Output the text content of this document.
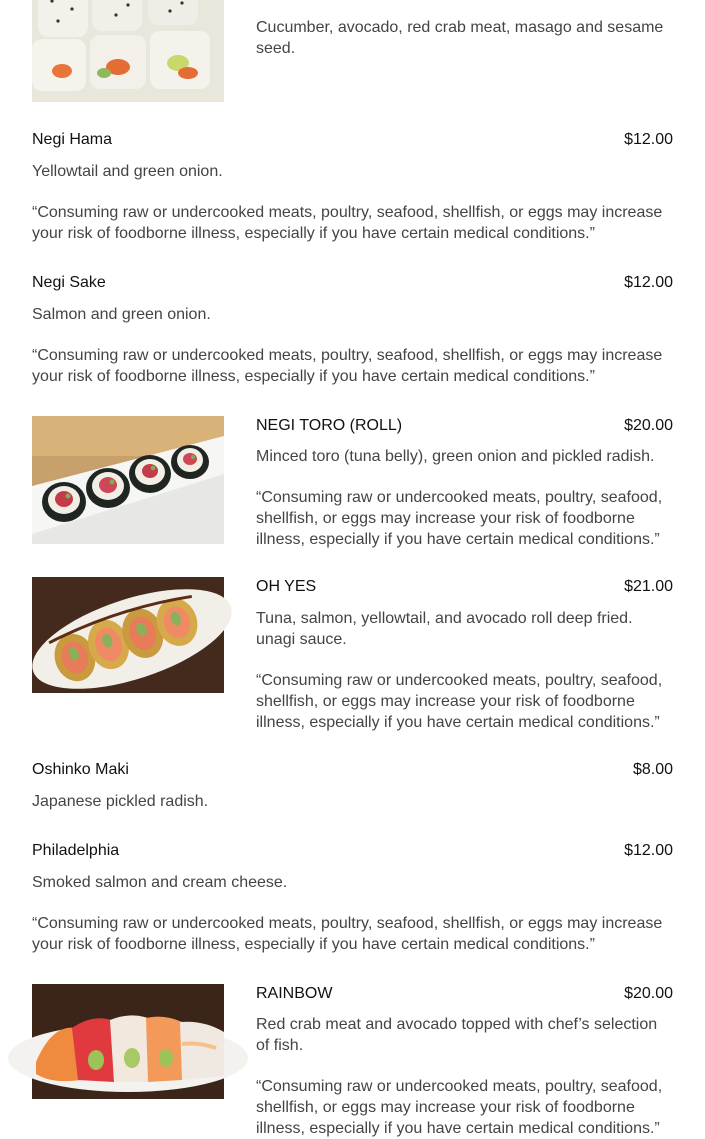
Cucumber, avocado, red crab meat, masago and sesame seed.
Negi Hama	$12.00
Yellowtail and green onion.
“Consuming raw or undercooked meats, poultry, seafood, shellfish, or eggs may increase your risk of foodborne illness, especially if you have certain medical conditions.”
Negi Sake	$12.00
Salmon and green onion.
“Consuming raw or undercooked meats, poultry, seafood, shellfish, or eggs may increase your risk of foodborne illness, especially if you have certain medical conditions.”
NEGI TORO (ROLL)	$20.00
Minced toro (tuna belly), green onion and pickled radish.
“Consuming raw or undercooked meats, poultry, seafood, shellfish, or eggs may increase your risk of foodborne illness, especially if you have certain medical conditions.”
OH YES	$21.00
Tuna, salmon, yellowtail, and avocado roll deep fried. unagi sauce.
“Consuming raw or undercooked meats, poultry, seafood, shellfish, or eggs may increase your risk of foodborne illness, especially if you have certain medical conditions.”
Oshinko Maki	$8.00
Japanese pickled radish.
Philadelphia	$12.00
Smoked salmon and cream cheese.
“Consuming raw or undercooked meats, poultry, seafood, shellfish, or eggs may increase your risk of foodborne illness, especially if you have certain medical conditions.”
RAINBOW	$20.00
Red crab meat and avocado topped with chef’s selection of fish.
“Consuming raw or undercooked meats, poultry, seafood, shellfish, or eggs may increase your risk of foodborne illness, especially if you have certain medical conditions.”
